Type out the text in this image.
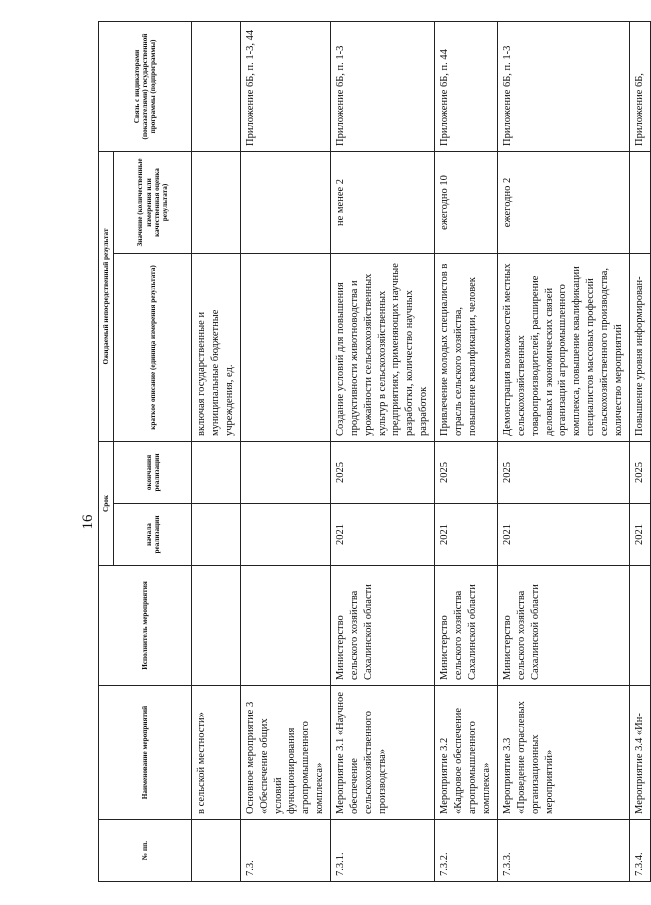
16
№ пп.	Наименование мероприятий	Исполнитель мероприятия	Срок		Ожидаемый непосредственный результат		Связь с индикаторами (показателями) государственной программы (подпрограммы)
			начала реализации	окончания реализации	краткое описание (единица измерения результата)	Значение (количественные измерения или качественная оценка результата)	
	в сельской местности»				включая государственные и муниципальные бюджетные учреждения, ед.		
7.3.	Основное мероприятие 3 «Обеспечение общих условий функционирования агропромышленного комплекса»						Приложение 6Б, п. 1-3, 44
7.3.1.	Мероприятие 3.1 «Научное обеспечение сельскохозяйственного производства»	Министерство сельского хозяйства Сахалинской области	2021	2025	Создание условий для повышения продуктивности животноводства и урожайности сельскохозяйственных культур в сельскохозяйственных предприятиях, применяющих научные разработки, количество научных разработок	не менее 2	Приложение 6Б, п. 1-3
7.3.2.	Мероприятие 3.2 «Кадровое обеспечение агропромышленного комплекса»	Министерство сельского хозяйства Сахалинской области	2021	2025	Привлечение молодых специалистов в отрасль сельского хозяйства, повышение квалификации, человек	ежегодно 10	Приложение 6Б, п. 44
7.3.3.	Мероприятие 3.3 «Проведение отраслевых организационных мероприятий»	Министерство сельского хозяйства Сахалинской области	2021	2025	Демонстрация возможностей местных сельскохозяйственных товаропроизводителей, расширение деловых и экономических связей организаций агропромышленного комплекса, повышение квалификации специалистов массовых профессий сельскохозяйственного производства, количество мероприятий	ежегодно 2	Приложение 6Б, п. 1-3
7.3.4.	Мероприятие 3.4 «Ин-		2021	2025	Повышение уровня информирован-		Приложение 6Б,
